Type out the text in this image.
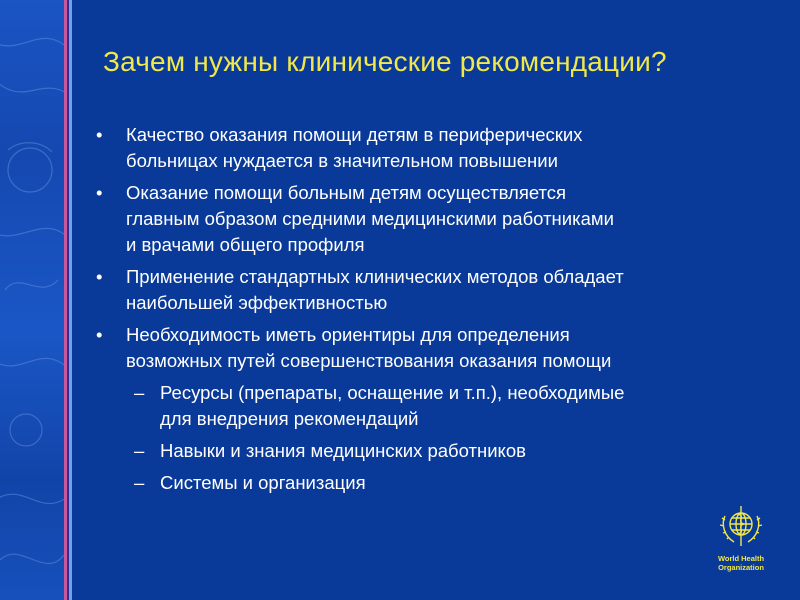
Зачем нужны клинические рекомендации?
•	Качество оказания помощи детям в периферических
больницах нуждается в значительном повышении
•	Оказание помощи больным детям осуществляется
главным образом средними медицинскими работниками
и врачами общего профиля
•	Применение стандартных клинических методов обладает
наибольшей эффективностью
•	Необходимость иметь ориентиры для определения
возможных путей совершенствования оказания помощи
– Ресурсы (препараты, оснащение и т.п.), необходимые
для внедрения рекомендаций
– Навыки и знания медицинских работников
– Системы и организация
World Health
Organization
